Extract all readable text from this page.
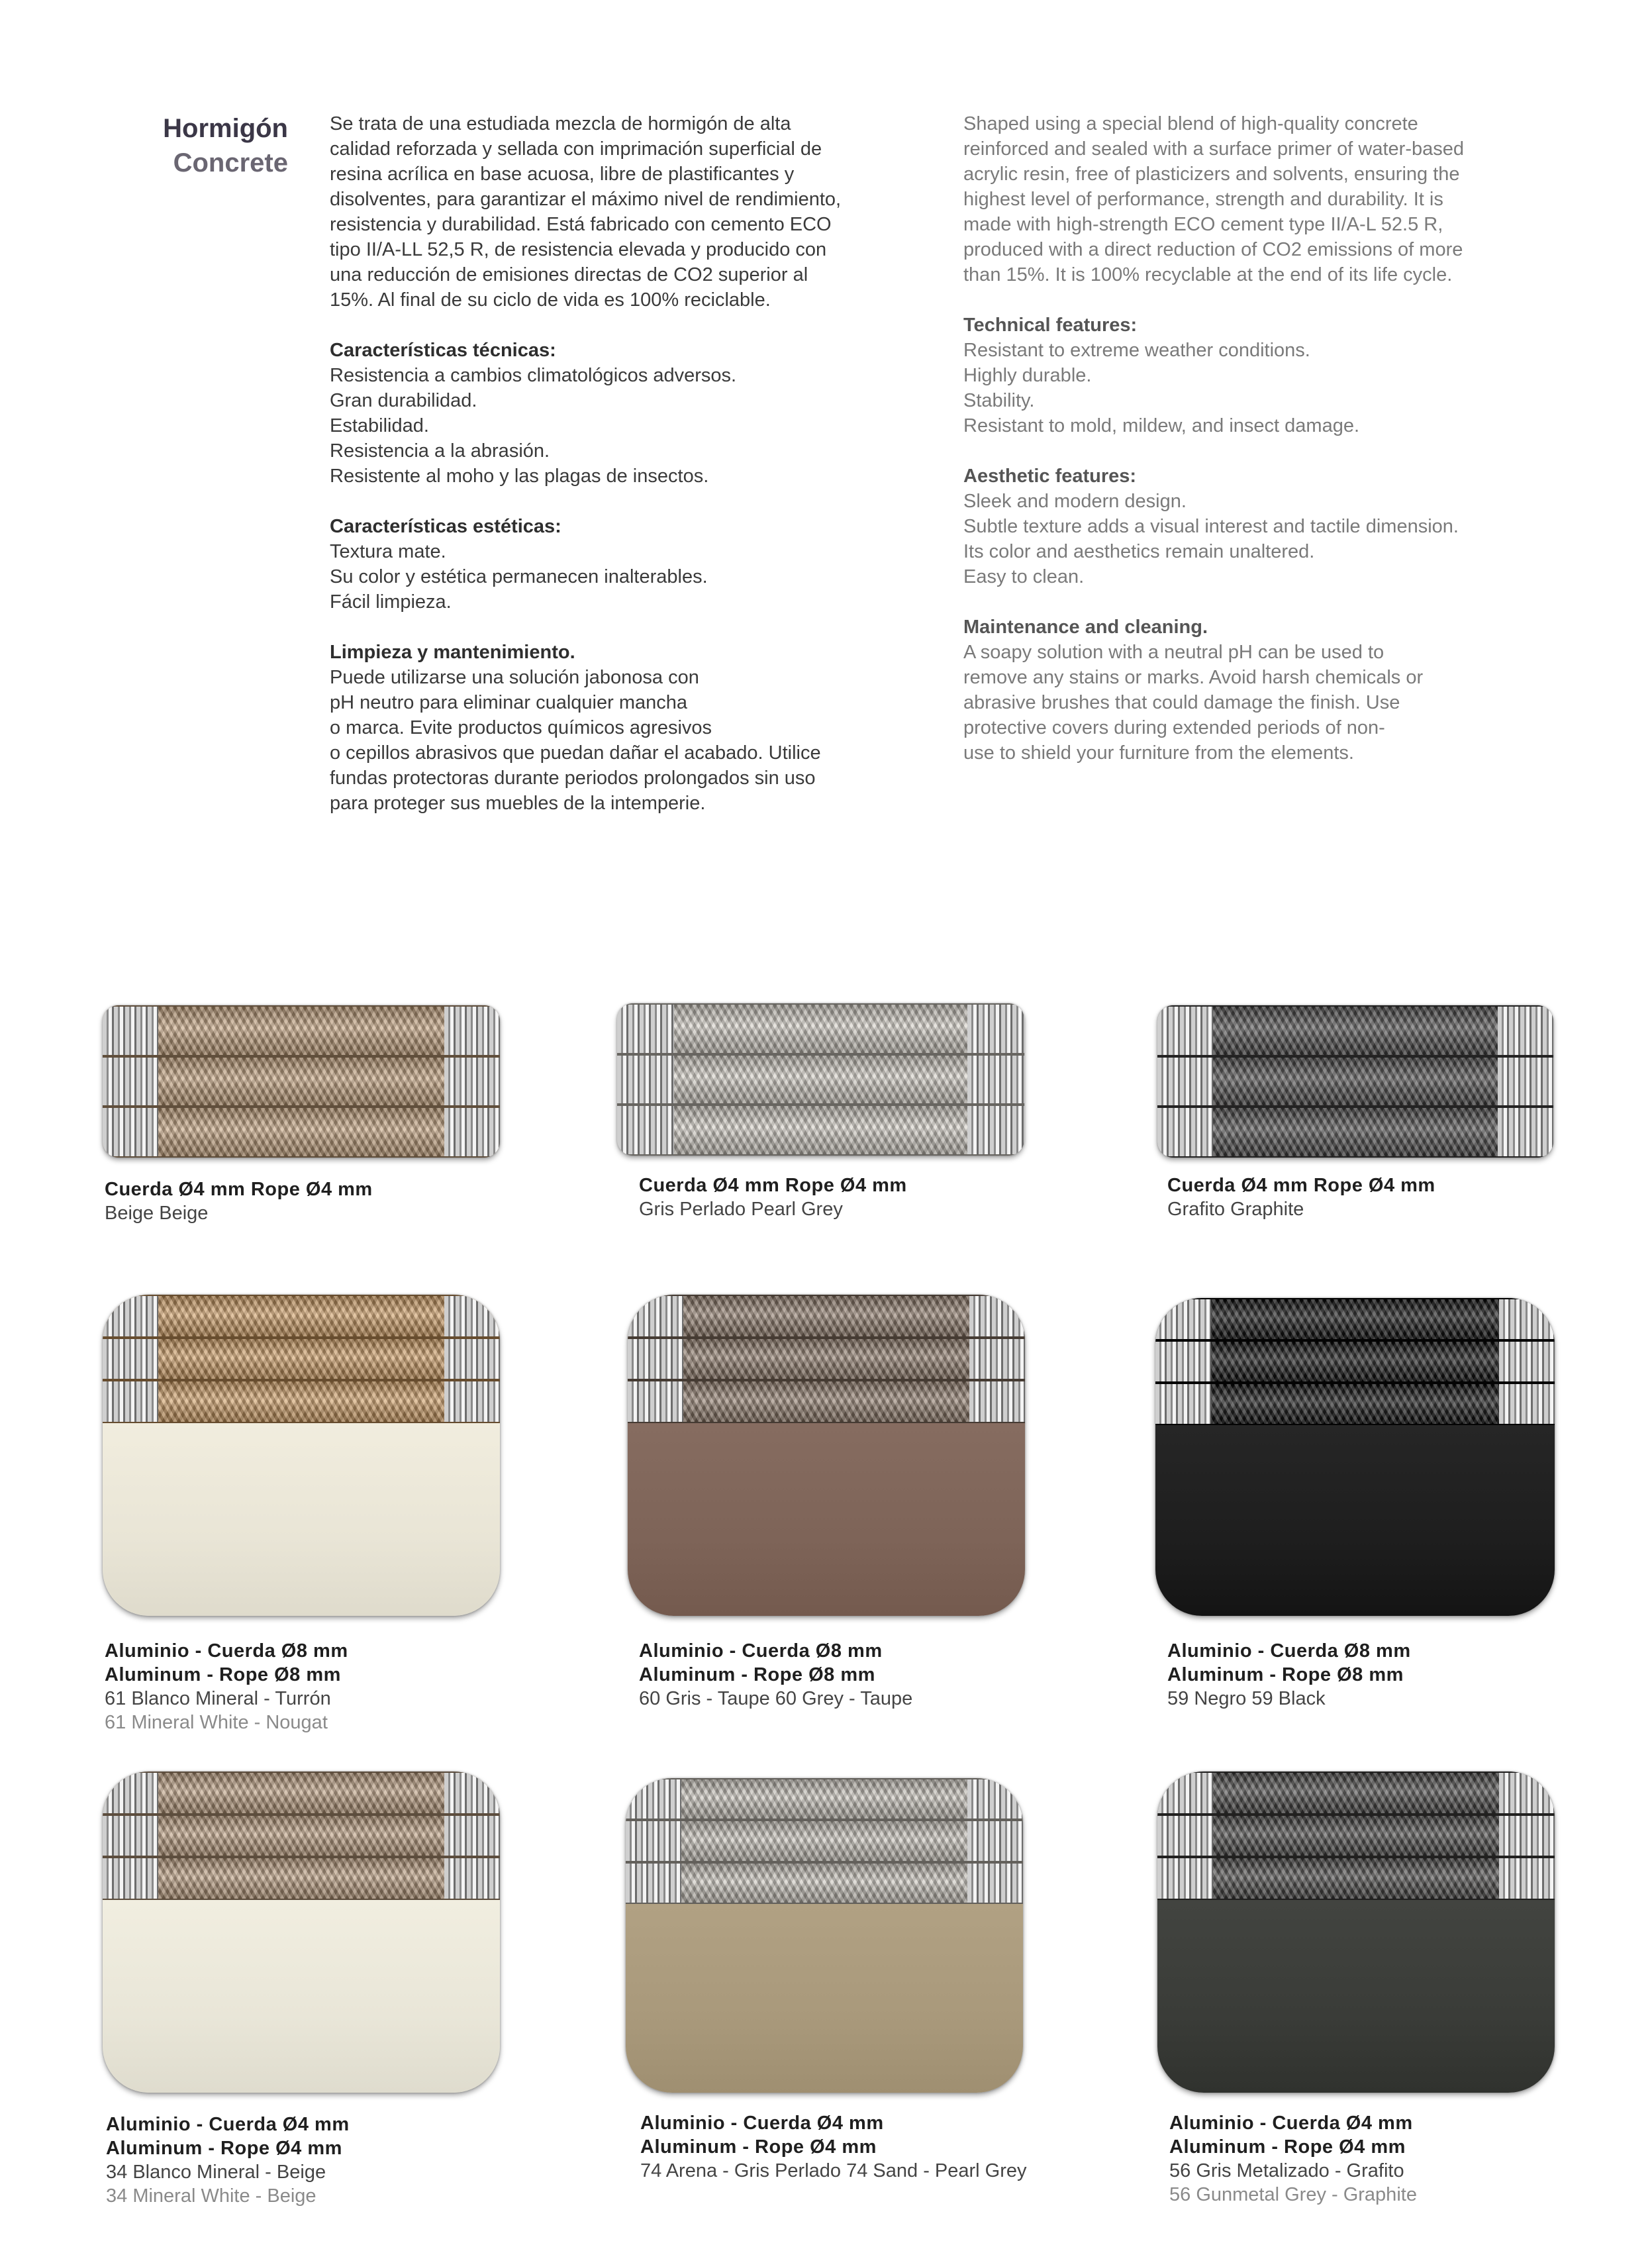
Hormigón
Concrete

Se trata de una estudiada mezcla de hormigón de alta
calidad reforzada y sellada con imprimación superficial de
resina acrílica en base acuosa, libre de plastificantes y
disolventes, para garantizar el máximo nivel de rendimiento,
resistencia y durabilidad. Está fabricado con cemento ECO
tipo II/A-LL 52,5 R, de resistencia elevada y producido con
una reducción de emisiones directas de CO2 superior al
15%. Al final de su ciclo de vida es 100% reciclable.

Características técnicas:

Resistencia a cambios climatológicos adversos.
Gran durabilidad.
Estabilidad.
Resistencia a la abrasión.
Resistente al moho y las plagas de insectos.

Características estéticas:

Textura mate.
Su color y estética permanecen inalterables.
Fácil limpieza.

Limpieza y mantenimiento.

Puede utilizarse una solución jabonosa con
pH neutro para eliminar cualquier mancha
o marca. Evite productos químicos agresivos
o cepillos abrasivos que puedan dañar el acabado. Utilice
fundas protectoras durante periodos prolongados sin uso
para proteger sus muebles de la intemperie.

Shaped using a special blend of high-quality concrete
reinforced and sealed with a surface primer of water-based
acrylic resin, free of plasticizers and solvents, ensuring the
highest level of performance, strength and durability. It is
made with high-strength ECO cement type II/A-L 52.5 R,
produced with a direct reduction of CO2 emissions of more
than 15%. It is 100% recyclable at the end of its life cycle.

Technical features:

Resistant to extreme weather conditions.
Highly durable.
Stability.
Resistant to mold, mildew, and insect damage.

Aesthetic features:

Sleek and modern design.
Subtle texture adds a visual interest and tactile dimension.
Its color and aesthetics remain unaltered.
Easy to clean.

Maintenance and cleaning.

A soapy solution with a neutral pH can be used to
remove any stains or marks. Avoid harsh chemicals or
abrasive brushes that could damage the finish. Use
protective covers during extended periods of non-
use to shield your furniture from the elements.

Cuerda Ø4 mm Rope Ø4 mm
Beige Beige
Cuerda Ø4 mm Rope Ø4 mm
Gris Perlado Pearl Grey
Cuerda Ø4 mm Rope Ø4 mm
Grafito Graphite
Aluminio - Cuerda Ø8 mm
Aluminum - Rope Ø8 mm
61 Blanco Mineral - Turrón
61 Mineral White - Nougat
Aluminio - Cuerda Ø8 mm
Aluminum - Rope Ø8 mm
60 Gris - Taupe 60 Grey - Taupe
Aluminio - Cuerda Ø8 mm
Aluminum - Rope Ø8 mm
59 Negro 59 Black
Aluminio - Cuerda Ø4 mm
Aluminum - Rope Ø4 mm
34 Blanco Mineral - Beige
34 Mineral White - Beige
Aluminio - Cuerda Ø4 mm
Aluminum - Rope Ø4 mm
74 Arena - Gris Perlado 74 Sand - Pearl Grey
Aluminio - Cuerda Ø4 mm
Aluminum - Rope Ø4 mm
56 Gris Metalizado - Grafito
56 Gunmetal Grey - Graphite
